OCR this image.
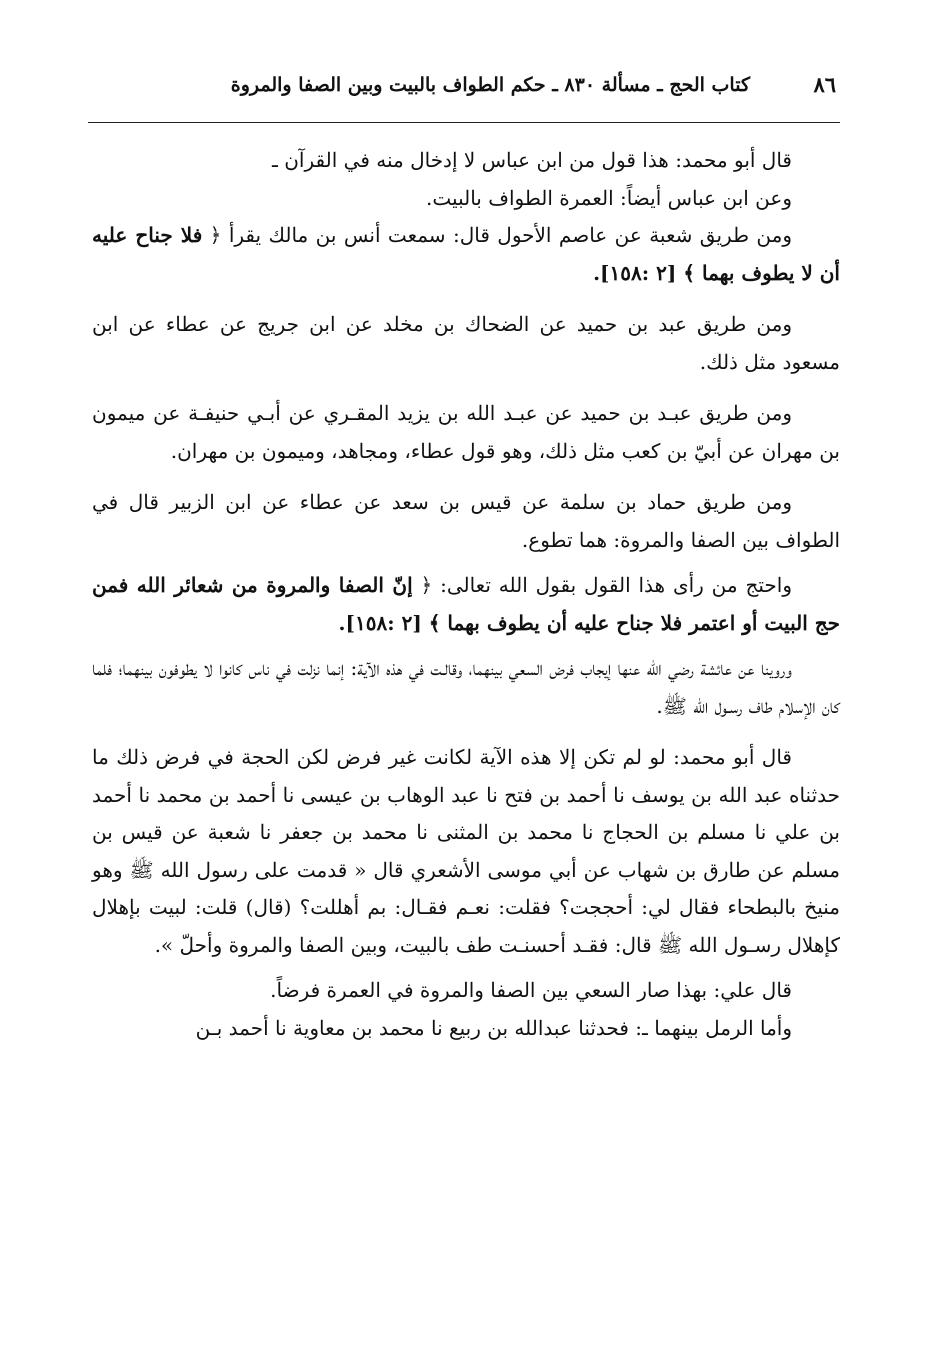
٨٦
كتاب الحج ـ مسألة ٨٣٠ ـ حكم الطواف بالبيت وبين الصفا والمروة

قال أبو محمد: هذا قول من ابن عباس لا إدخال منه في القرآن ـ

وعن ابن عباس أيضاً: العمرة الطواف بالبيت.

ومن طريق شعبة عن عاصم الأحول قال: سمعت أنس بن مالك يقرأ ﴿ فلا جناح عليه أن لا يطوف بهما ﴾ [٢ :١٥٨].

ومن طريق عبد بن حميد عن الضحاك بن مخلد عن ابن جريج عن عطاء عن ابن مسعود مثل ذلك.

ومن طريق عبـد بن حميد عن عبـد الله بن يزيد المقـري عن أبـي حنيفـة عن ميمون بن مهران عن أبيّ بن كعب مثل ذلك، وهو قول عطاء، ومجاهد، وميمون بن مهران.

ومن طريق حماد بن سلمة عن قيس بن سعد عن عطاء عن ابن الزبير قال في الطواف بين الصفا والمروة: هما تطوع.

واحتج من رأى هذا القول بقول الله تعالى: ﴿ إنّ الصفا والمروة من شعائر الله فمن حج البيت أو اعتمر فلا جناح عليه أن يطوف بهما ﴾ [٢ :١٥٨].

وروينا عن عائشة رضي الله عنها إيجاب فرض السعي بينهما، وقالـت في هذه الآية: إنما نزلت في ناس كانوا لا يطوفون بينهما؛ فلما كان الإسلام طاف رسـول الله ﷺ.

قال أبو محمد: لو لم تكن إلا هذه الآية لكانت غير فرض لكن الحجة في فرض ذلك ما حدثناه عبد الله بن يوسف نا أحمد بن فتح نا عبد الوهاب بن عيسى نا أحمد بن محمد نا أحمد بن علي نا مسلم بن الحجاج نا محمد بن المثنى نا محمد بن جعفر نا شعبة عن قيس بن مسلم عن طارق بن شهاب عن أبي موسى الأشعري قال « قدمت على رسول الله ﷺ وهو منيخ بالبطحاء فقال لي: أحججت؟ فقلت: نعـم فقـال: بم أهللت؟ (قال) قلت: لبيت بإهلال كإهلال رسـول الله ﷺ قال: فقـد أحسنـت طف بالبيت، وبين الصفا والمروة وأحلّ ».

قال علي: بهذا صار السعي بين الصفا والمروة في العمرة فرضاً.

وأما الرمل بينهما ـ: فحدثنا عبدالله بن ربيع نا محمد بن معاوية نا أحمد بـن
